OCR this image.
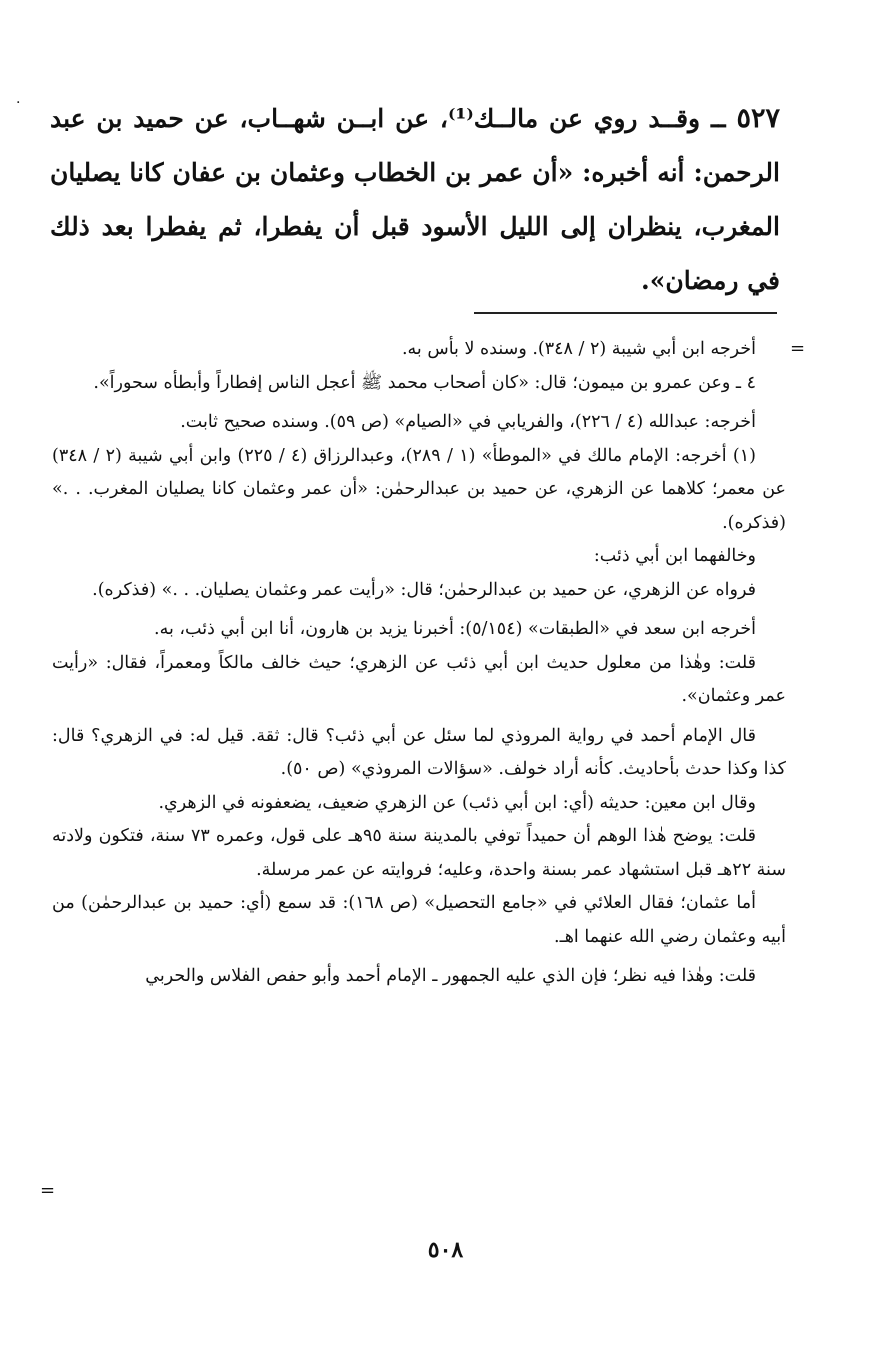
.
٥٢٧ ــ وقــد روي عن مالــك⁽¹⁾، عن ابــن شهــاب، عن حميد بن عبد الرحمن: أنه أخبره: «أن عمر بن الخطاب وعثمان بن عفان كانا يصليان المغرب، ينظران إلى الليل الأسود قبل أن يفطرا، ثم يفطرا بعد ذلك في رمضان».
=

أخرجه ابن أبي شيبة (٢ / ٣٤٨). وسنده لا بأس به.

٤ ـ وعن عمرو بن ميمون؛ قال: «كان أصحاب محمد ﷺ أعجل الناس إفطاراً وأبطأه سحوراً».

أخرجه: عبدالله (٤ / ٢٢٦)، والفريابي في «الصيام» (ص ٥٩). وسنده صحيح ثابت.

(١) أخرجه: الإمام مالك في «الموطأ» (١ / ٢٨٩)، وعبدالرزاق (٤ / ٢٢٥) وابن أبي شيبة (٢ / ٣٤٨) عن معمر؛ كلاهما عن الزهري، عن حميد بن عبدالرحمٰن: «أن عمر وعثمان كانا يصليان المغرب. . .» (فذكره).

وخالفهما ابن أبي ذئب:

فرواه عن الزهري، عن حميد بن عبدالرحمٰن؛ قال: «رأيت عمر وعثمان يصليان. . .» (فذكره).

أخرجه ابن سعد في «الطبقات» (٥/١٥٤): أخبرنا يزيد بن هارون، أنا ابن أبي ذئب، به.

قلت: وهٰذا من معلول حديث ابن أبي ذئب عن الزهري؛ حيث خالف مالكاً ومعمراً، فقال: «رأيت عمر وعثمان».

قال الإمام أحمد في رواية المروذي لما سئل عن أبي ذئب؟ قال: ثقة. قيل له: في الزهري؟ قال: كذا وكذا حدث بأحاديث. كأنه أراد خولف. «سؤالات المروذي» (ص ٥٠).

وقال ابن معين: حديثه (أي: ابن أبي ذئب) عن الزهري ضعيف، يضعفونه في الزهري.

قلت: يوضح هٰذا الوهم أن حميداً توفي بالمدينة سنة ٩٥هـ على قول، وعمره ٧٣ سنة، فتكون ولادته سنة ٢٢هـ قبل استشهاد عمر بسنة واحدة، وعليه؛ فروايته عن عمر مرسلة.

أما عثمان؛ فقال العلائي في «جامع التحصيل» (ص ١٦٨): قد سمع (أي: حميد بن عبدالرحمٰن) من أبيه وعثمان رضي الله عنهما اهـ.

قلت: وهٰذا فيه نظر؛ فإن الذي عليه الجمهور ـ الإمام أحمد وأبو حفص الفلاس والحربي

=
٥٠٨
